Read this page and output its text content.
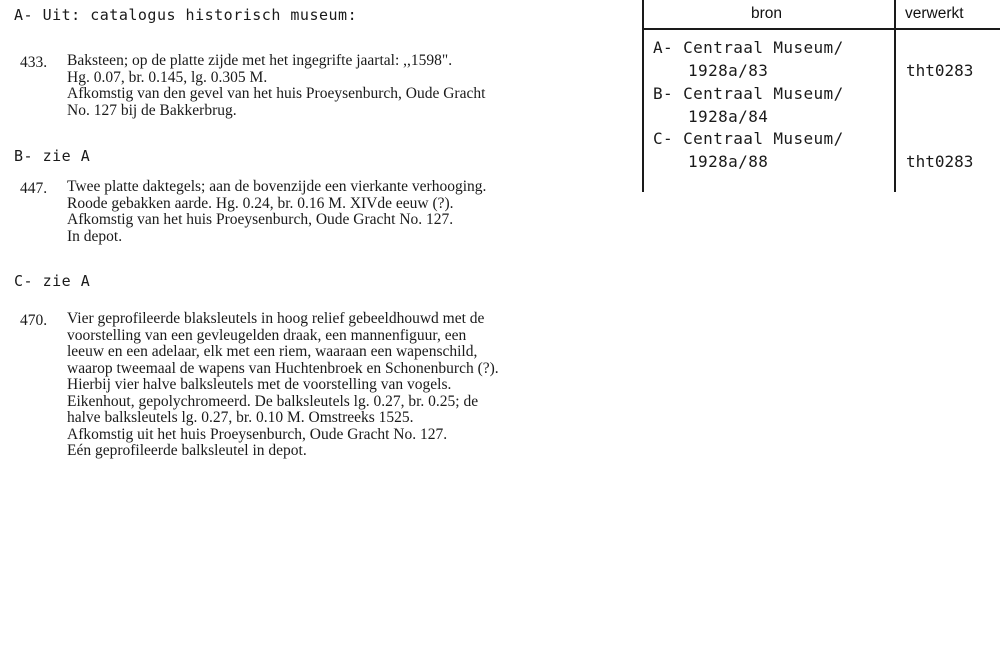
A- Uit: catalogus historisch museum:
433. Baksteen; op de platte zijde met het ingegrifte jaartal: ,,1598".
Hg. 0.07, br. 0.145, lg. 0.305 M.
Afkomstig van den gevel van het huis Proeysenburch, Oude Gracht
No. 127 bij de Bakkerbrug.
B- zie A
447. Twee platte daktegels; aan de bovenzijde een vierkante verhooging.
Roode gebakken aarde. Hg. 0.24, br. 0.16 M. XIVde eeuw (?).
Afkomstig van het huis Proeysenburch, Oude Gracht No. 127.
In depot.
C- zie A
470. Vier geprofileerde blaksleutels in hoog relief gebeeldhouwd met de
voorstelling van een gevleugelden draak, een mannenfiguur, een
leeuw en een adelaar, elk met een riem, waaraan een wapenschild,
waarop tweemaal de wapens van Huchtenbroek en Schonenburch (?).
Hierbij vier halve balksleutels met de voorstelling van vogels.
Eikenhout, gepolychromeerd. De balksleutels lg. 0.27, br. 0.25; de
halve balksleutels lg. 0.27, br. 0.10 M. Omstreeks 1525.
Afkomstig uit het huis Proeysenburch, Oude Gracht No. 127.
Eén geprofileerde balksleutel in depot.
bron	verwerkt
A- Centraal Museum/
1928a/83	tht0283
B- Centraal Museum/
1928a/84
C- Centraal Museum/
1928a/88	tht0283
